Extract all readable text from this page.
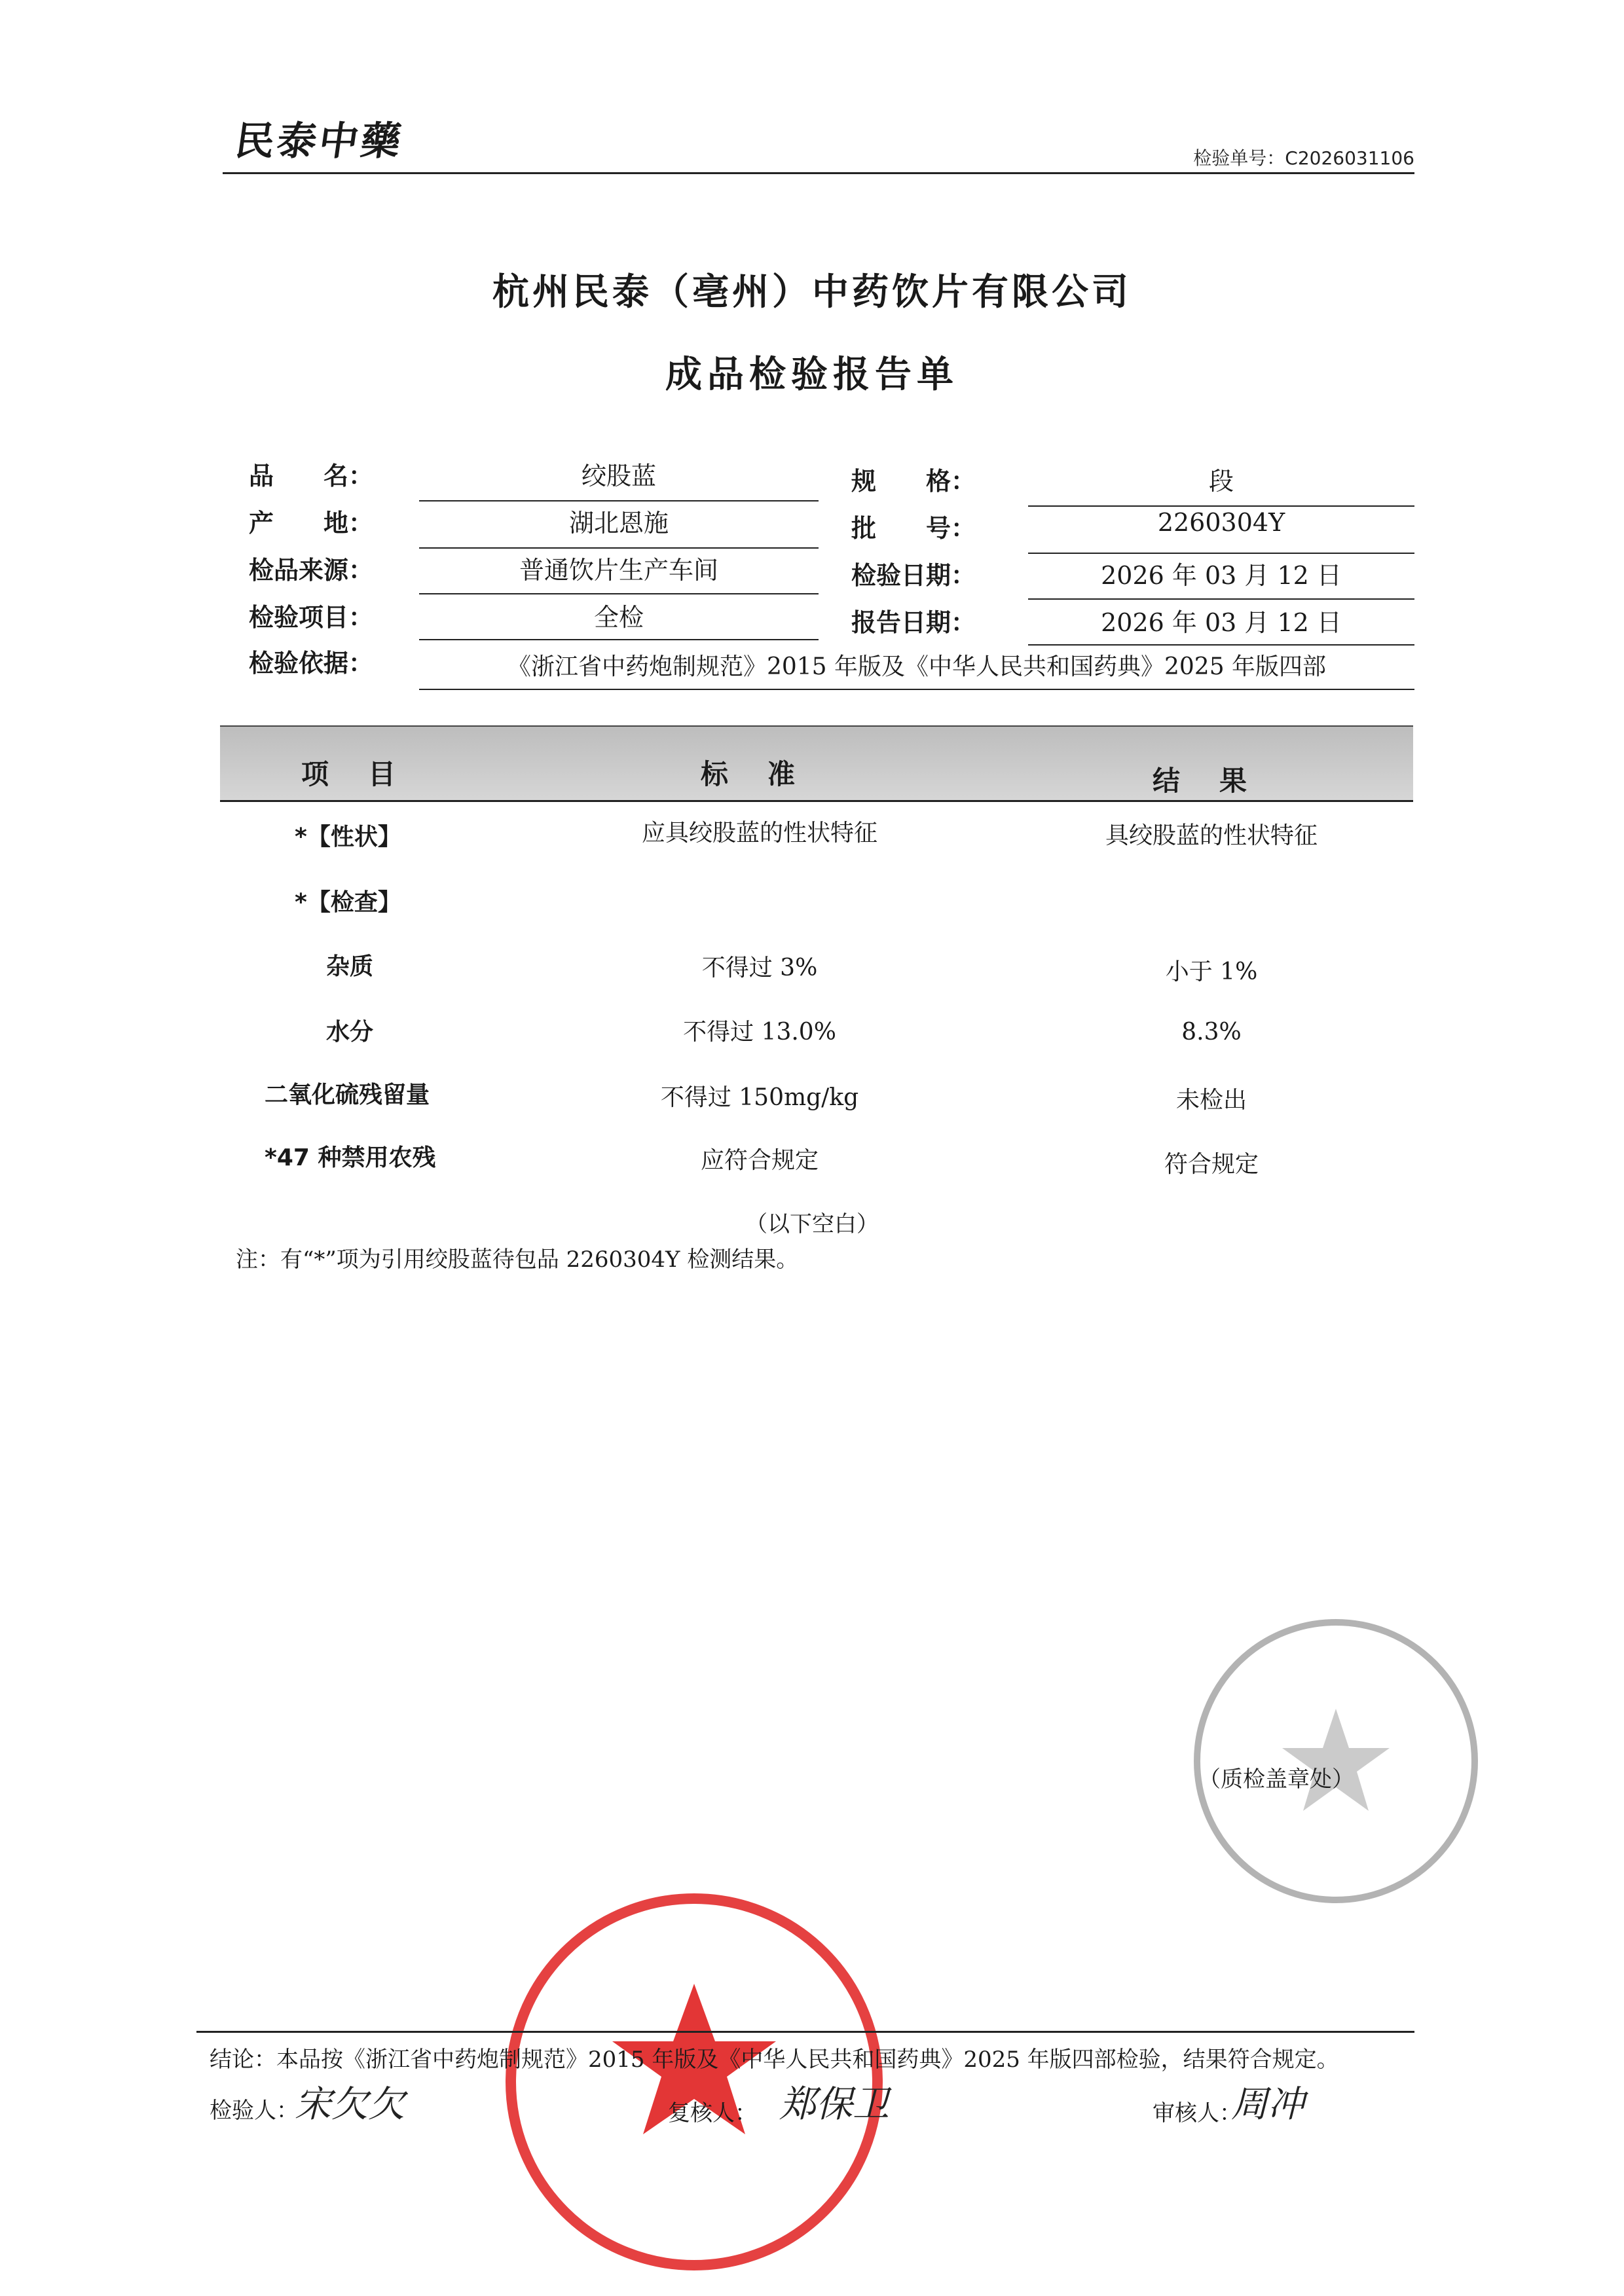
民泰中藥	检验单号：C2026031106
杭州民泰（亳州）中药饮片有限公司
成品检验报告单
品　　名：	绞股蓝	规　　格：	段
产　　地：	湖北恩施	批　　号：	2260304Y
检品来源：	普通饮片生产车间	检验日期：	2026 年 03 月 12 日
检验项目：	全检	报告日期：	2026 年 03 月 12 日
检验依据：	《浙江省中药炮制规范》2015 年版及《中华人民共和国药典》2025 年版四部
项目	标准	结果
*【性状】	应具绞股蓝的性状特征	具绞股蓝的性状特征
*【检查】
杂质	不得过 3%	小于 1%
水分	不得过 13.0%	8.3%
二氧化硫残留量	不得过 150mg/kg	未检出
*47 种禁用农残	应符合规定	符合规定
（以下空白）
注：有“*”项为引用绞股蓝待包品 2260304Y 检测结果。
（质检盖章处）
结论：本品按《浙江省中药炮制规范》2015 年版及《中华人民共和国药典》2025 年版四部检验，结果符合规定。
检验人：
宋欠欠	复核人： 郑保卫	审核人：
周冲
